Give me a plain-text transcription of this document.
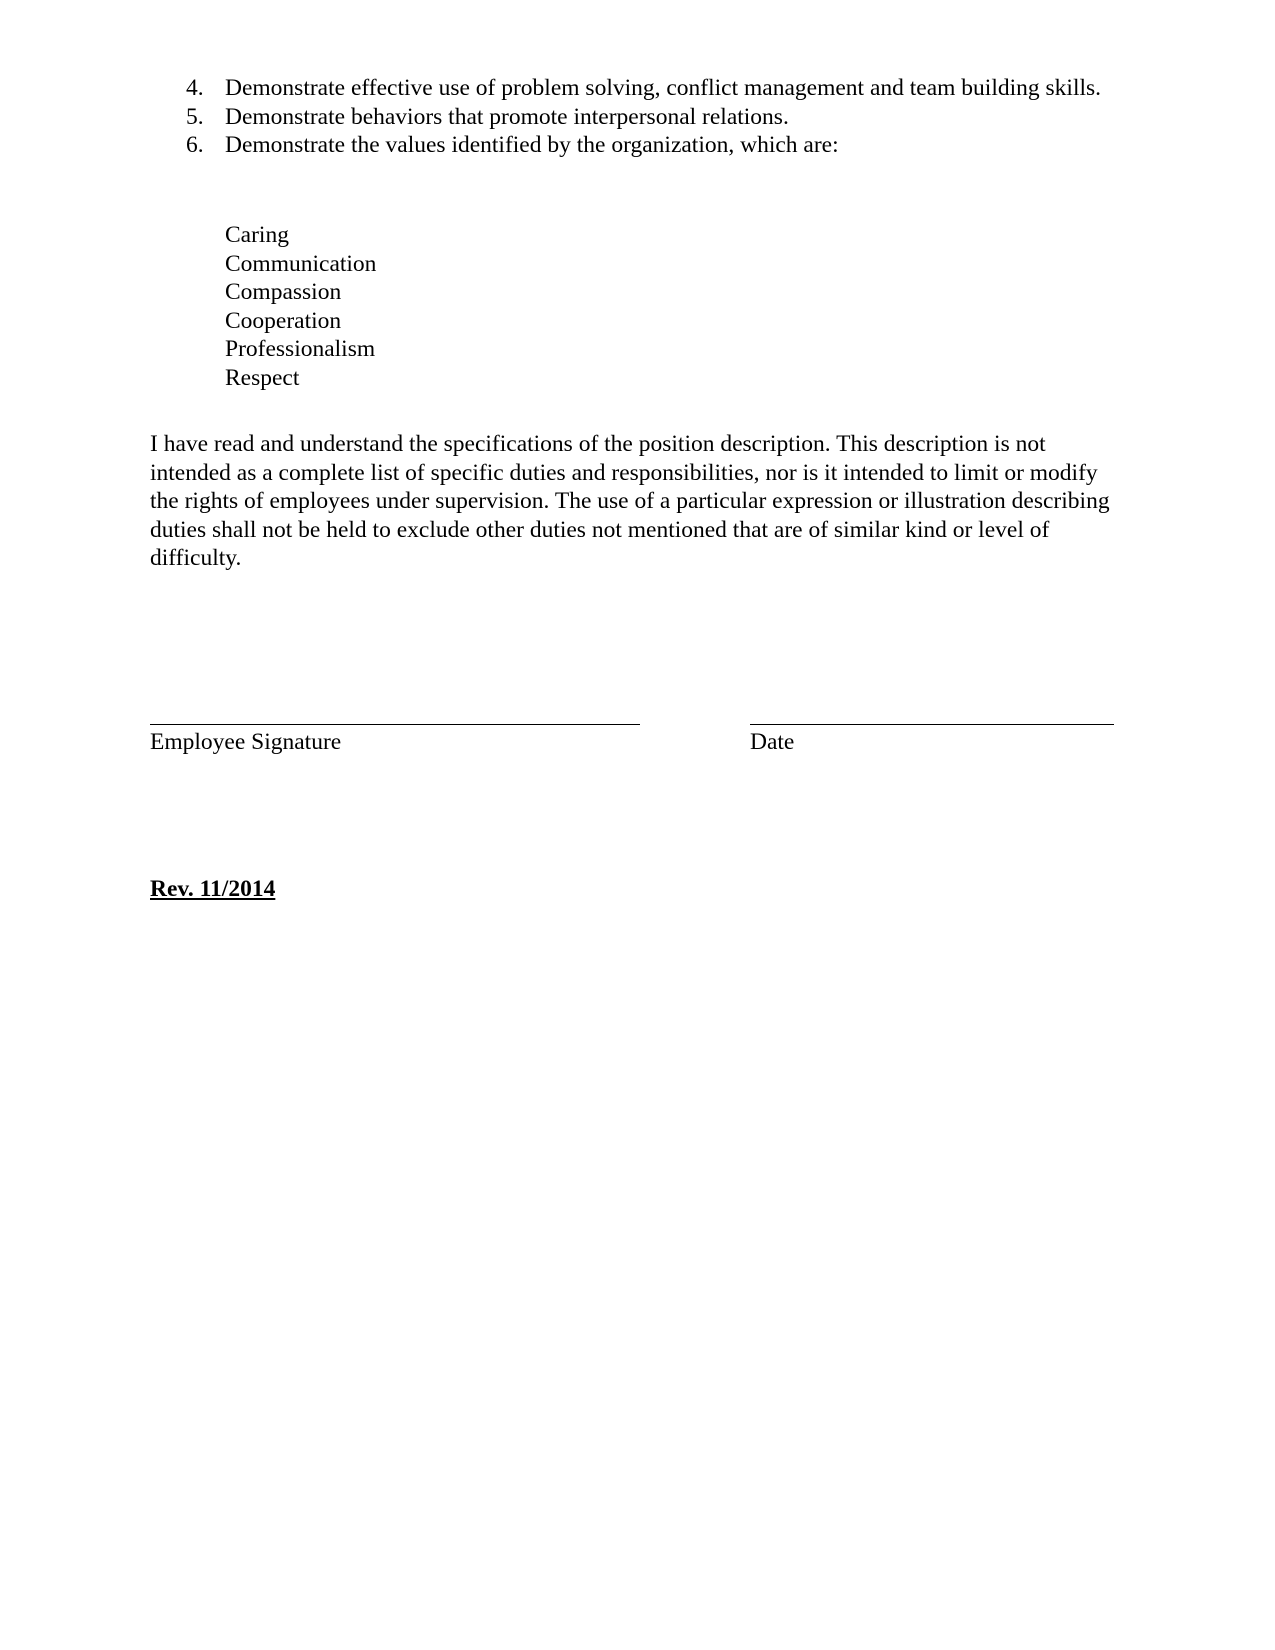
4. Demonstrate effective use of problem solving, conflict management and team building skills.
5. Demonstrate behaviors that promote interpersonal relations.
6. Demonstrate the values identified by the organization, which are:
Caring
Communication
Compassion
Cooperation
Professionalism
Respect

I have read and understand the specifications of the position description. This description is not intended as a complete list of specific duties and responsibilities, nor is it intended to limit or modify the rights of employees under supervision. The use of a particular expression or illustration describing duties shall not be held to exclude other duties not mentioned that are of similar kind or level of difficulty.

Employee Signature	Date
Rev. 11/2014
